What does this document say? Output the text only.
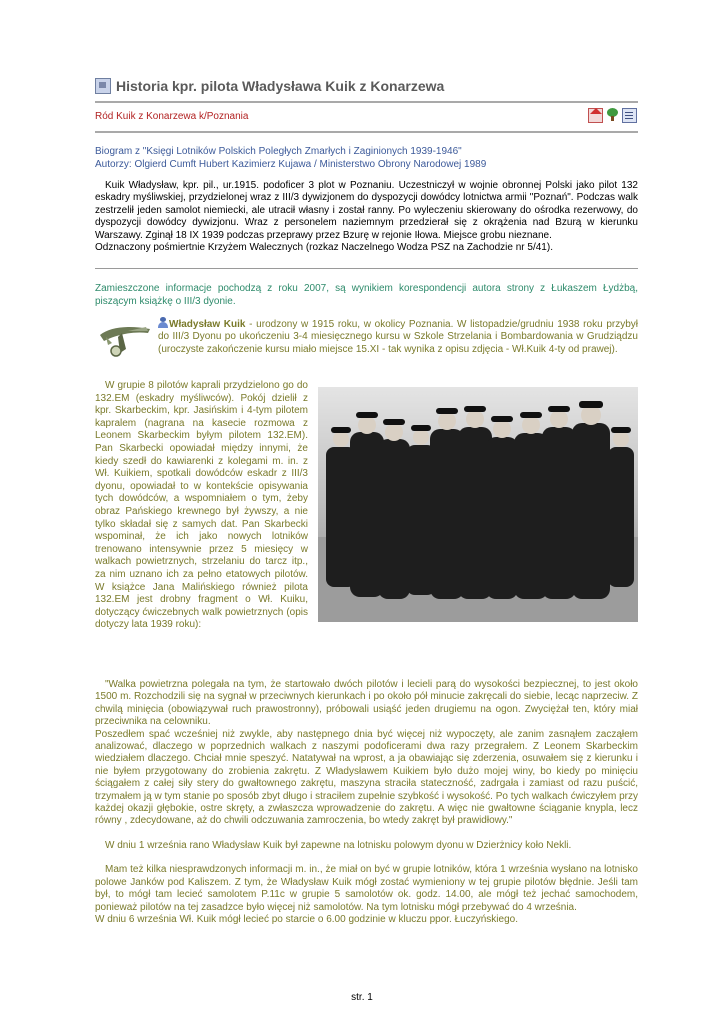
Historia kpr. pilota Władysława Kuik z Konarzewa
Ród Kuik z Konarzewa k/Poznania
Biogram z "Księgi Lotników Polskich Poległych Zmarłych i Zaginionych 1939-1946"
Autorzy: Olgierd Cumft Hubert Kazimierz Kujawa / Ministerstwo Obrony Narodowej 1989

Kuik Władysław, kpr. pil., ur.1915. podoficer 3 plot w Poznaniu. Uczestniczył w wojnie obronnej Polski jako pilot 132 eskadry myśliwskiej, przydzielonej wraz z III/3 dywizjonem do dyspozycji dowódcy lotnictwa armii "Poznań". Podczas walk zestrzelił jeden samolot niemiecki, ale utracił własny i został ranny. Po wyleczeniu skierowany do ośrodka rezerwowy, do dyspozycji dowódcy dywizjonu. Wraz z personelem naziemnym przedzierał się z okrążenia nad Bzurą w kierunku Warszawy. Zginął 18 IX 1939 podczas przeprawy przez Bzurę w rejonie Iłowa. Miejsce grobu nieznane.

Odznaczony pośmiertnie Krzyżem Walecznych (rozkaz Naczelnego Wodza PSZ na Zachodzie nr 5/41).

Zamieszczone informacje pochodzą z roku 2007, są wynikiem korespondencji autora strony z Łukaszem Łydżbą, piszącym książkę o III/3 dyonie.
Władysław Kuik - urodzony w 1915 roku, w okolicy Poznania. W listopadzie/grudniu 1938 roku przybył do III/3 Dyonu po ukończeniu 3-4 miesięcznego kursu w Szkole Strzelania i Bombardowania w Grudziądzu (uroczyste zakończenie kursu miało miejsce 15.XI - tak wynika z opisu zdjęcia - Wł.Kuik 4-ty od prawej).
W grupie 8 pilotów kaprali przydzielono go do 132.EM (eskadry myśliwców). Pokój dzielił z kpr. Skarbeckim, kpr. Jasińskim i 4-tym pilotem kapralem (nagrana na kasecie rozmowa z Leonem Skarbeckim byłym pilotem 132.EM). Pan Skarbecki opowiadał między innymi, że kiedy szedł do kawiarenki z kolegami m. in. z Wł. Kuikiem, spotkali dowódców eskadr z III/3 dyonu, opowiadał to w kontekście opisywania tych dowódców, a wspomniałem o tym, żeby obraz Pańskiego krewnego był żywszy, a nie tylko składał się z samych dat. Pan Skarbecki wspominał, że ich jako nowych lotników trenowano intensywnie przez 5 miesięcy w walkach powietrznych, strzelaniu do tarcz itp., za nim uznano ich za pełno etatowych pilotów. W książce Jana Malińskiego również pilota 132.EM jest drobny fragment o Wł. Kuiku, dotyczący ćwiczebnych walk powietrznych (opis dotyczy lata 1939 roku):

"Walka powietrzna polegała na tym, że startowało dwóch pilotów i lecieli parą do wysokości bezpiecznej, to jest około 1500 m. Rozchodzili się na sygnał w przeciwnych kierunkach i po około pół minucie zakręcali do siebie, lecąc naprzeciw. Z chwilą minięcia (obowiązywał ruch prawostronny), próbowali usiąść jeden drugiemu na ogon. Zwyciężał ten, który miał przeciwnika na celowniku.

Poszedłem spać wcześniej niż zwykle, aby następnego dnia być więcej niż wypoczęty, ale zanim zasnąłem zacząłem analizować, dlaczego w poprzednich walkach z naszymi podoficerami dwa razy przegrałem. Z Leonem Skarbeckim wiedziałem dlaczego. Chciał mnie speszyć. Natatywał na wprost, a ja obawiając się zderzenia, osuwałem się z kierunku i nie byłem przygotowany do zrobienia zakrętu. Z Władysławem Kuikiem było dużo mojej winy, bo kiedy po minięciu ściągałem z całej siły stery do gwałtownego zakrętu, maszyna straciła stateczność, zadrgała i zamiast od razu puścić, trzymałem ją w tym stanie po sposób zbyt długo i straciłem zupełnie szybkość i wysokość. Po tych walkach ćwiczyłem przy każdej okazji głębokie, ostre skręty, a zwłaszcza wprowadzenie do zakrętu. A więc nie gwałtowne ściąganie knypla, lecz równy , zdecydowane, aż do chwili odczuwania zamroczenia, bo wtedy zakręt był prawidłowy."

W dniu 1 września rano Władysław Kuik był zapewne na lotnisku polowym dyonu w Dzierżnicy koło Nekli.

Mam też kilka niesprawdzonych informacji m. in., że miał on być w grupie lotników, która 1 września wysłano na lotnisko polowe Janków pod Kaliszem. Z tym, że Władysław Kuik mógł zostać wymieniony w tej grupie pilotów błędnie. Jeśli tam był, to mógł tam lecieć samolotem P.11c w grupie 5 samolotów ok. godz. 14.00, ale mógł też jechać samochodem, ponieważ pilotów na tej zasadzce było więcej niż samolotów. Na tym lotnisku mógł przebywać do 4 września.

W dniu 6 września Wł. Kuik mógł lecieć po starcie o 6.00 godzinie w kluczu ppor. Łuczyńskiego.

str. 1
